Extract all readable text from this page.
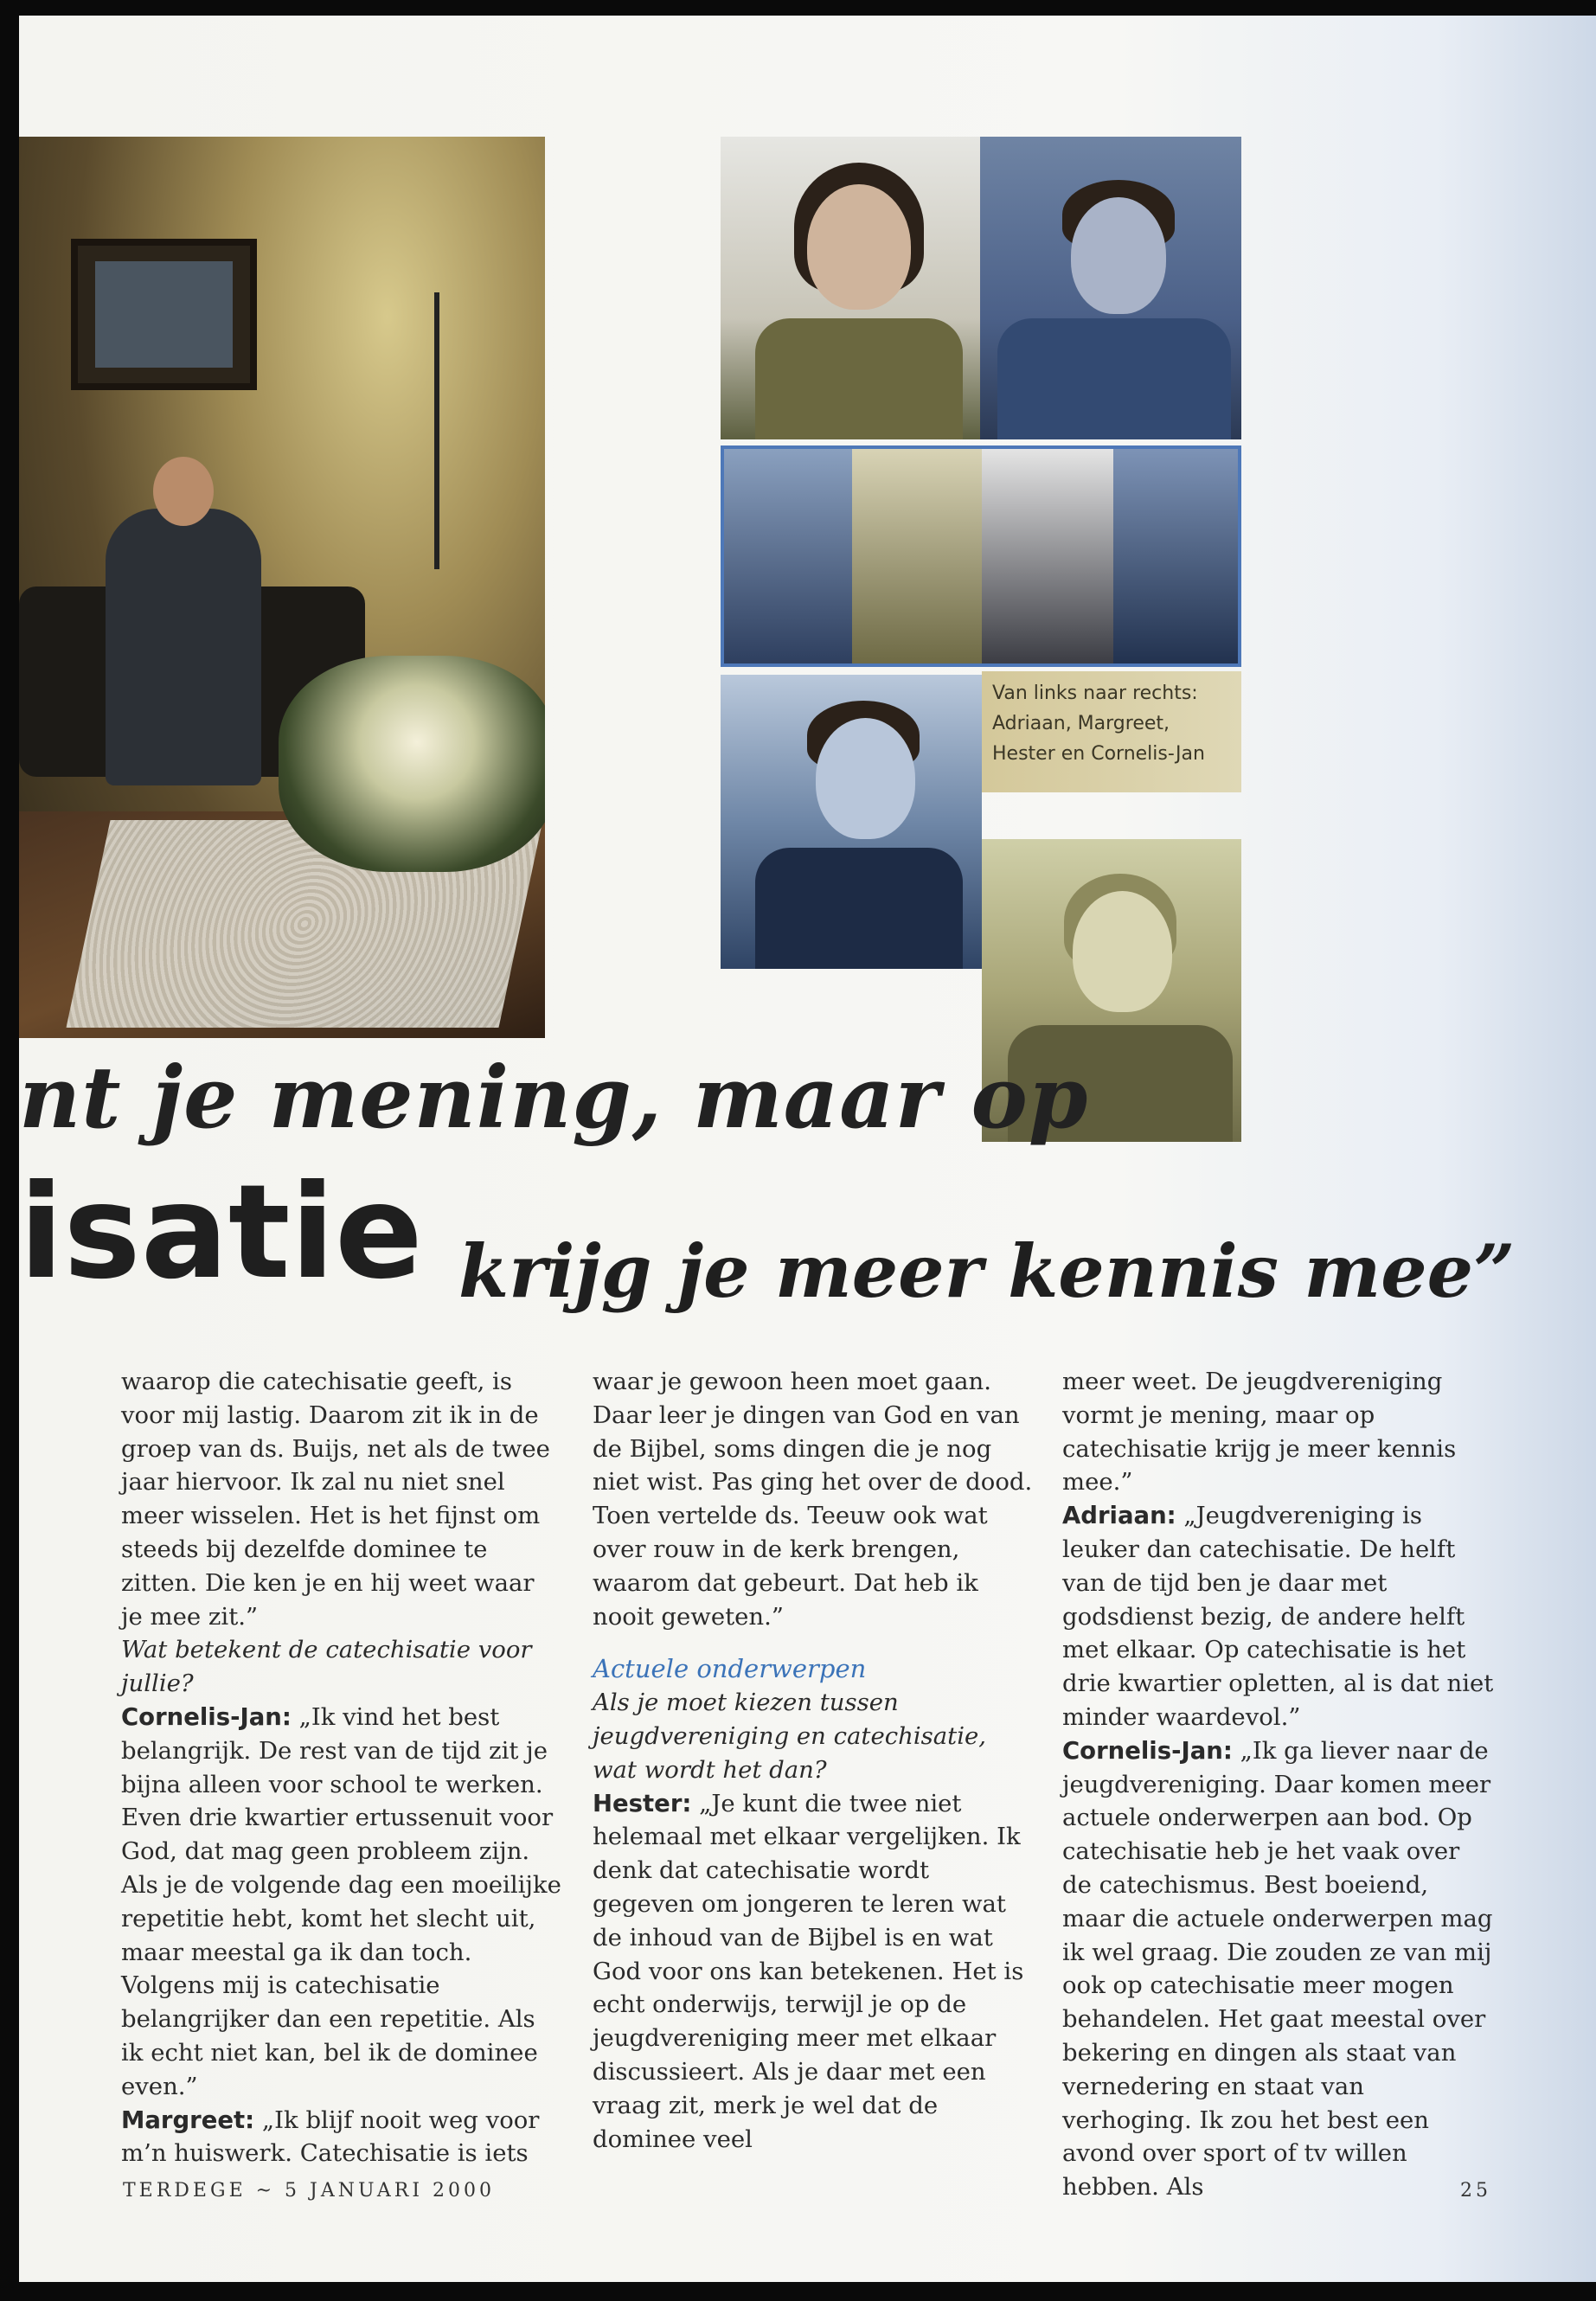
Van links naar rechts:
Adriaan, Margreet,
Hester en Cornelis-Jan
nt je mening, maar op
isatie krijg je meer kennis mee”

waarop die catechisatie geeft, is voor mij lastig. Daarom zit ik in de groep van ds. Buijs, net als de twee jaar hiervoor. Ik zal nu niet snel meer wisselen. Het is het fijnst om steeds bij dezelfde dominee te zitten. Die ken je en hij weet waar je mee zit.”

Wat betekent de catechisatie voor jullie?

Cornelis-Jan: „Ik vind het best belangrijk. De rest van de tijd zit je bijna alleen voor school te werken. Even drie kwartier ertussenuit voor God, dat mag geen probleem zijn. Als je de volgende dag een moeilijke repetitie hebt, komt het slecht uit, maar meestal ga ik dan toch. Volgens mij is catechisatie belangrijker dan een repetitie. Als ik echt niet kan, bel ik de dominee even.”

Margreet: „Ik blijf nooit weg voor m’n huiswerk. Catechisatie is iets

waar je gewoon heen moet gaan. Daar leer je dingen van God en van de Bijbel, soms dingen die je nog niet wist. Pas ging het over de dood. Toen vertelde ds. Teeuw ook wat over rouw in de kerk brengen, waarom dat gebeurt. Dat heb ik nooit geweten.”

Actuele onderwerpen

Als je moet kiezen tussen jeugdvereniging en catechisatie, wat wordt het dan?

Hester: „Je kunt die twee niet helemaal met elkaar vergelijken. Ik denk dat catechisatie wordt gegeven om jongeren te leren wat de inhoud van de Bijbel is en wat God voor ons kan betekenen. Het is echt onderwijs, terwijl je op de jeugdvereniging meer met elkaar discussieert. Als je daar met een vraag zit, merk je wel dat de dominee veel

meer weet. De jeugdvereniging vormt je mening, maar op catechisatie krijg je meer kennis mee.”

Adriaan: „Jeugdvereniging is leuker dan catechisatie. De helft van de tijd ben je daar met godsdienst bezig, de andere helft met elkaar. Op catechisatie is het drie kwartier opletten, al is dat niet minder waardevol.”

Cornelis-Jan: „Ik ga liever naar de jeugdvereniging. Daar komen meer actuele onderwerpen aan bod. Op catechisatie heb je het vaak over de catechismus. Best boeiend, maar die actuele onderwerpen mag ik wel graag. Die zouden ze van mij ook op catechisatie meer mogen behandelen. Het gaat meestal over bekering en dingen als staat van vernedering en staat van verhoging. Ik zou het best een avond over sport of tv willen hebben. Als

TERDEGE ~ 5 JANUARI 2000	25
